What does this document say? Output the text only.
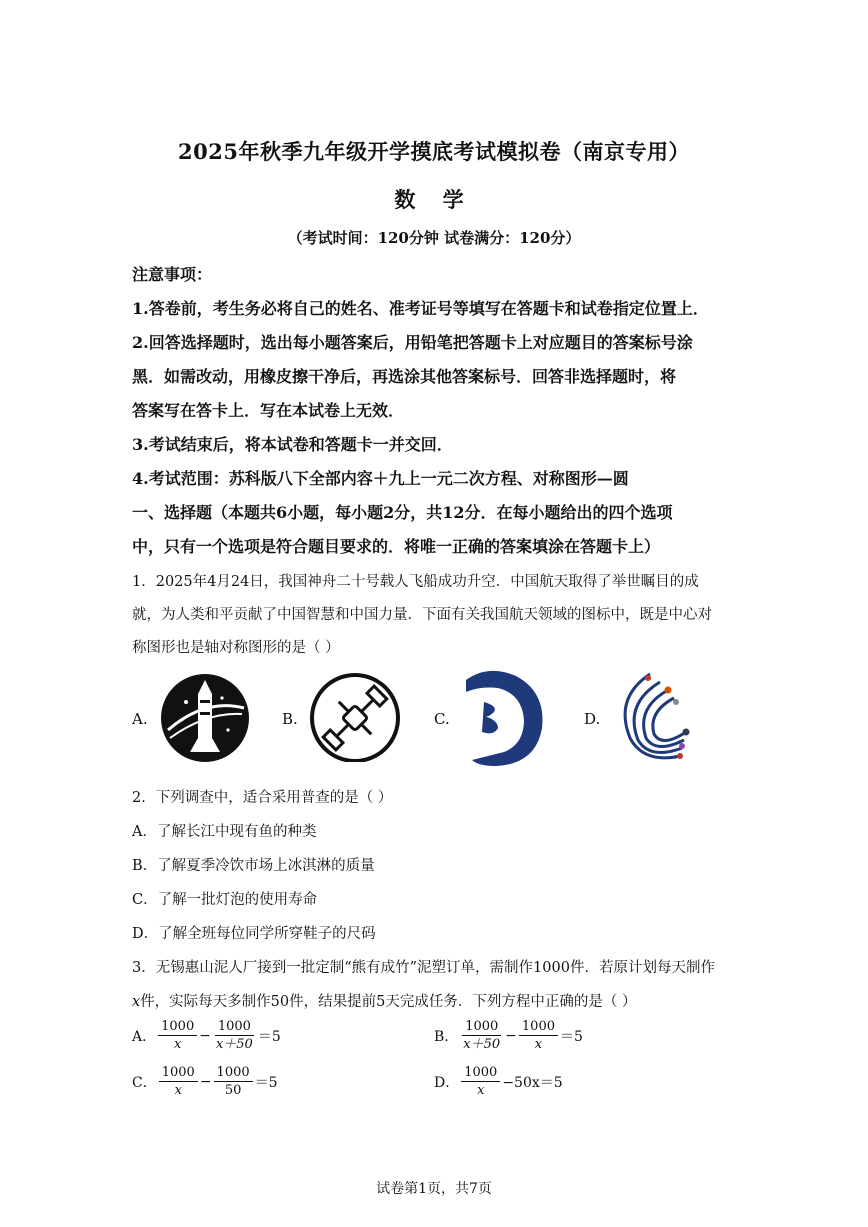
2025年秋季九年级开学摸底考试模拟卷（南京专用）
数 学
（考试时间：120分钟 试卷满分：120分）
注意事项：
1.答卷前，考生务必将自己的姓名、准考证号等填写在答题卡和试卷指定位置上．
2.回答选择题时，选出每小题答案后，用铅笔把答题卡上对应题目的答案标号涂
黑．如需改动，用橡皮擦干净后，再选涂其他答案标号．回答非选择题时，将
答案写在答卡上．写在本试卷上无效．
3.考试结束后，将本试卷和答题卡一并交回．
4.考试范围：苏科版八下全部内容＋九上一元二次方程、对称图形—圆
一、选择题（本题共6小题，每小题2分，共12分．在每小题给出的四个选项
中，只有一个选项是符合题目要求的．将唯一正确的答案填涂在答题卡上）
1．2025年4月24日，我国神舟二十号载人飞船成功升空．中国航天取得了举世瞩目的成
就，为人类和平贡献了中国智慧和中国力量．下面有关我国航天领域的图标中，既是中心对
称图形也是轴对称图形的是（ ）
A.	B.	C.	D.
2．下列调查中，适合采用普查的是（ ）
A．了解长江中现有鱼的种类
B．了解夏季冷饮市场上冰淇淋的质量
C．了解一批灯泡的使用寿命
D．了解全班每位同学所穿鞋子的尺码
3．无锡惠山泥人厂接到一批定制“熊有成竹”泥塑订单，需制作1000件．若原计划每天制作
x件，实际每天多制作50件，结果提前5天完成任务．下列方程中正确的是（ ）
A． $\frac{1000}{x} - \frac{1000}{x+50} =5$	B． $\frac{1000}{x+50} - \frac{1000}{x} =5$
C． $\frac{1000}{x} - \frac{1000}{50} =5$	D． $\frac{1000}{x} -50x=5$
试卷第1页，共7页
